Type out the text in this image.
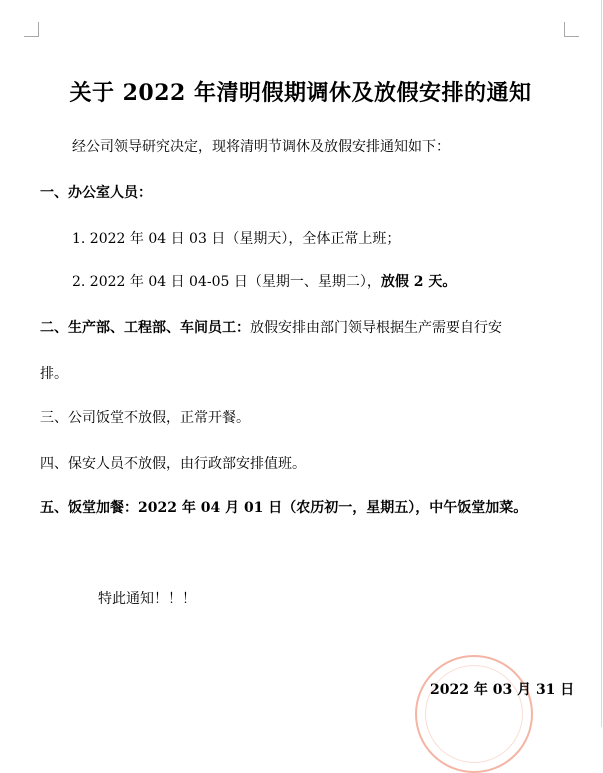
关于 2022 年清明假期调休及放假安排的通知
经公司领导研究决定，现将清明节调休及放假安排通知如下：
一、办公室人员：
1. 2022 年 04 日 03 日（星期天），全体正常上班；
2. 2022 年 04 日 04-05 日（星期一、星期二），放假 2 天。
二、生产部、工程部、车间员工：放假安排由部门领导根据生产需要自行安
排。
三、公司饭堂不放假，正常开餐。
四、保安人员不放假，由行政部安排值班。
五、饭堂加餐：2022 年 04 月 01 日（农历初一，星期五），中午饭堂加菜。
特此通知！！！
2022 年 03 月 31 日
